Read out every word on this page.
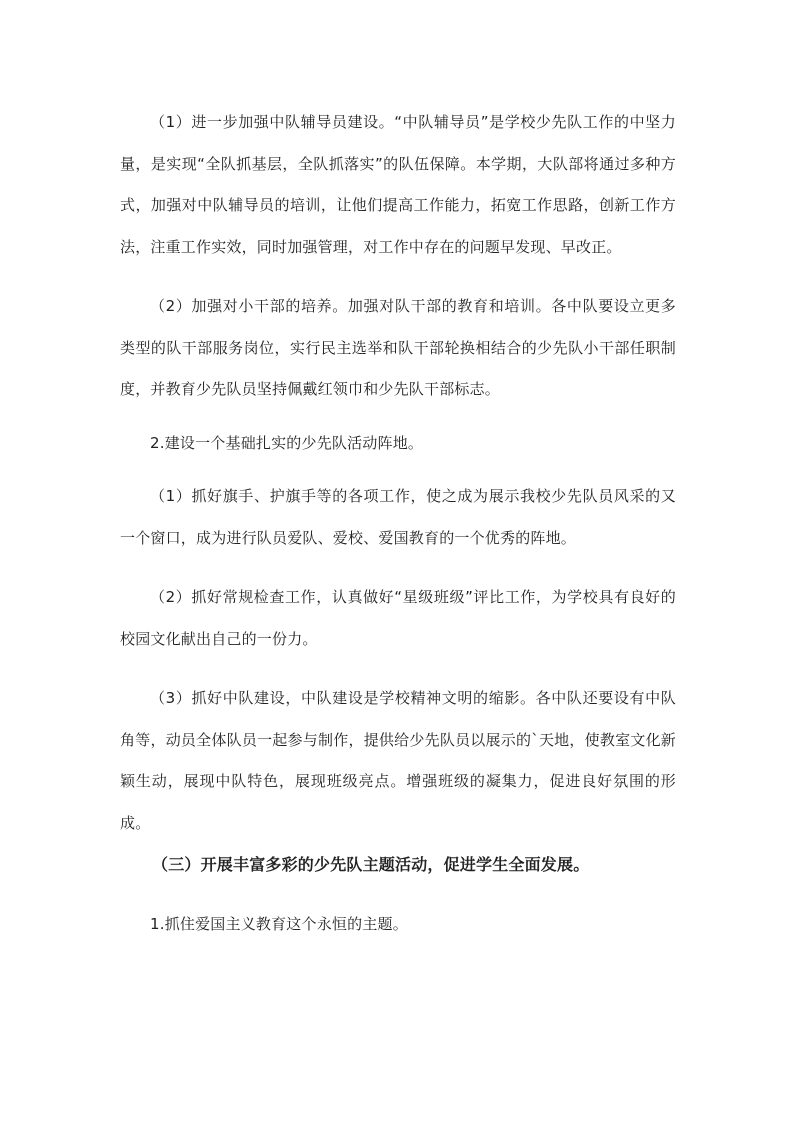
（1）进一步加强中队辅导员建设。“中队辅导员”是学校少先队工作的中坚力量，是实现“全队抓基层，全队抓落实”的队伍保障。本学期，大队部将通过多种方式，加强对中队辅导员的培训，让他们提高工作能力，拓宽工作思路，创新工作方法，注重工作实效，同时加强管理，对工作中存在的问题早发现、早改正。

（2）加强对小干部的培养。加强对队干部的教育和培训。各中队要设立更多类型的队干部服务岗位，实行民主选举和队干部轮换相结合的少先队小干部任职制度，并教育少先队员坚持佩戴红领巾和少先队干部标志。

2.建设一个基础扎实的少先队活动阵地。

（1）抓好旗手、护旗手等的各项工作，使之成为展示我校少先队员风采的又一个窗口，成为进行队员爱队、爱校、爱国教育的一个优秀的阵地。

（2）抓好常规检查工作，认真做好“星级班级”评比工作，为学校具有良好的校园文化献出自己的一份力。

（3）抓好中队建设，中队建设是学校精神文明的缩影。各中队还要设有中队角等，动员全体队员一起参与制作，提供给少先队员以展示的`天地，使教室文化新颖生动，展现中队特色，展现班级亮点。增强班级的凝集力，促进良好氛围的形成。

（三）开展丰富多彩的少先队主题活动，促进学生全面发展。

1.抓住爱国主义教育这个永恒的主题。
